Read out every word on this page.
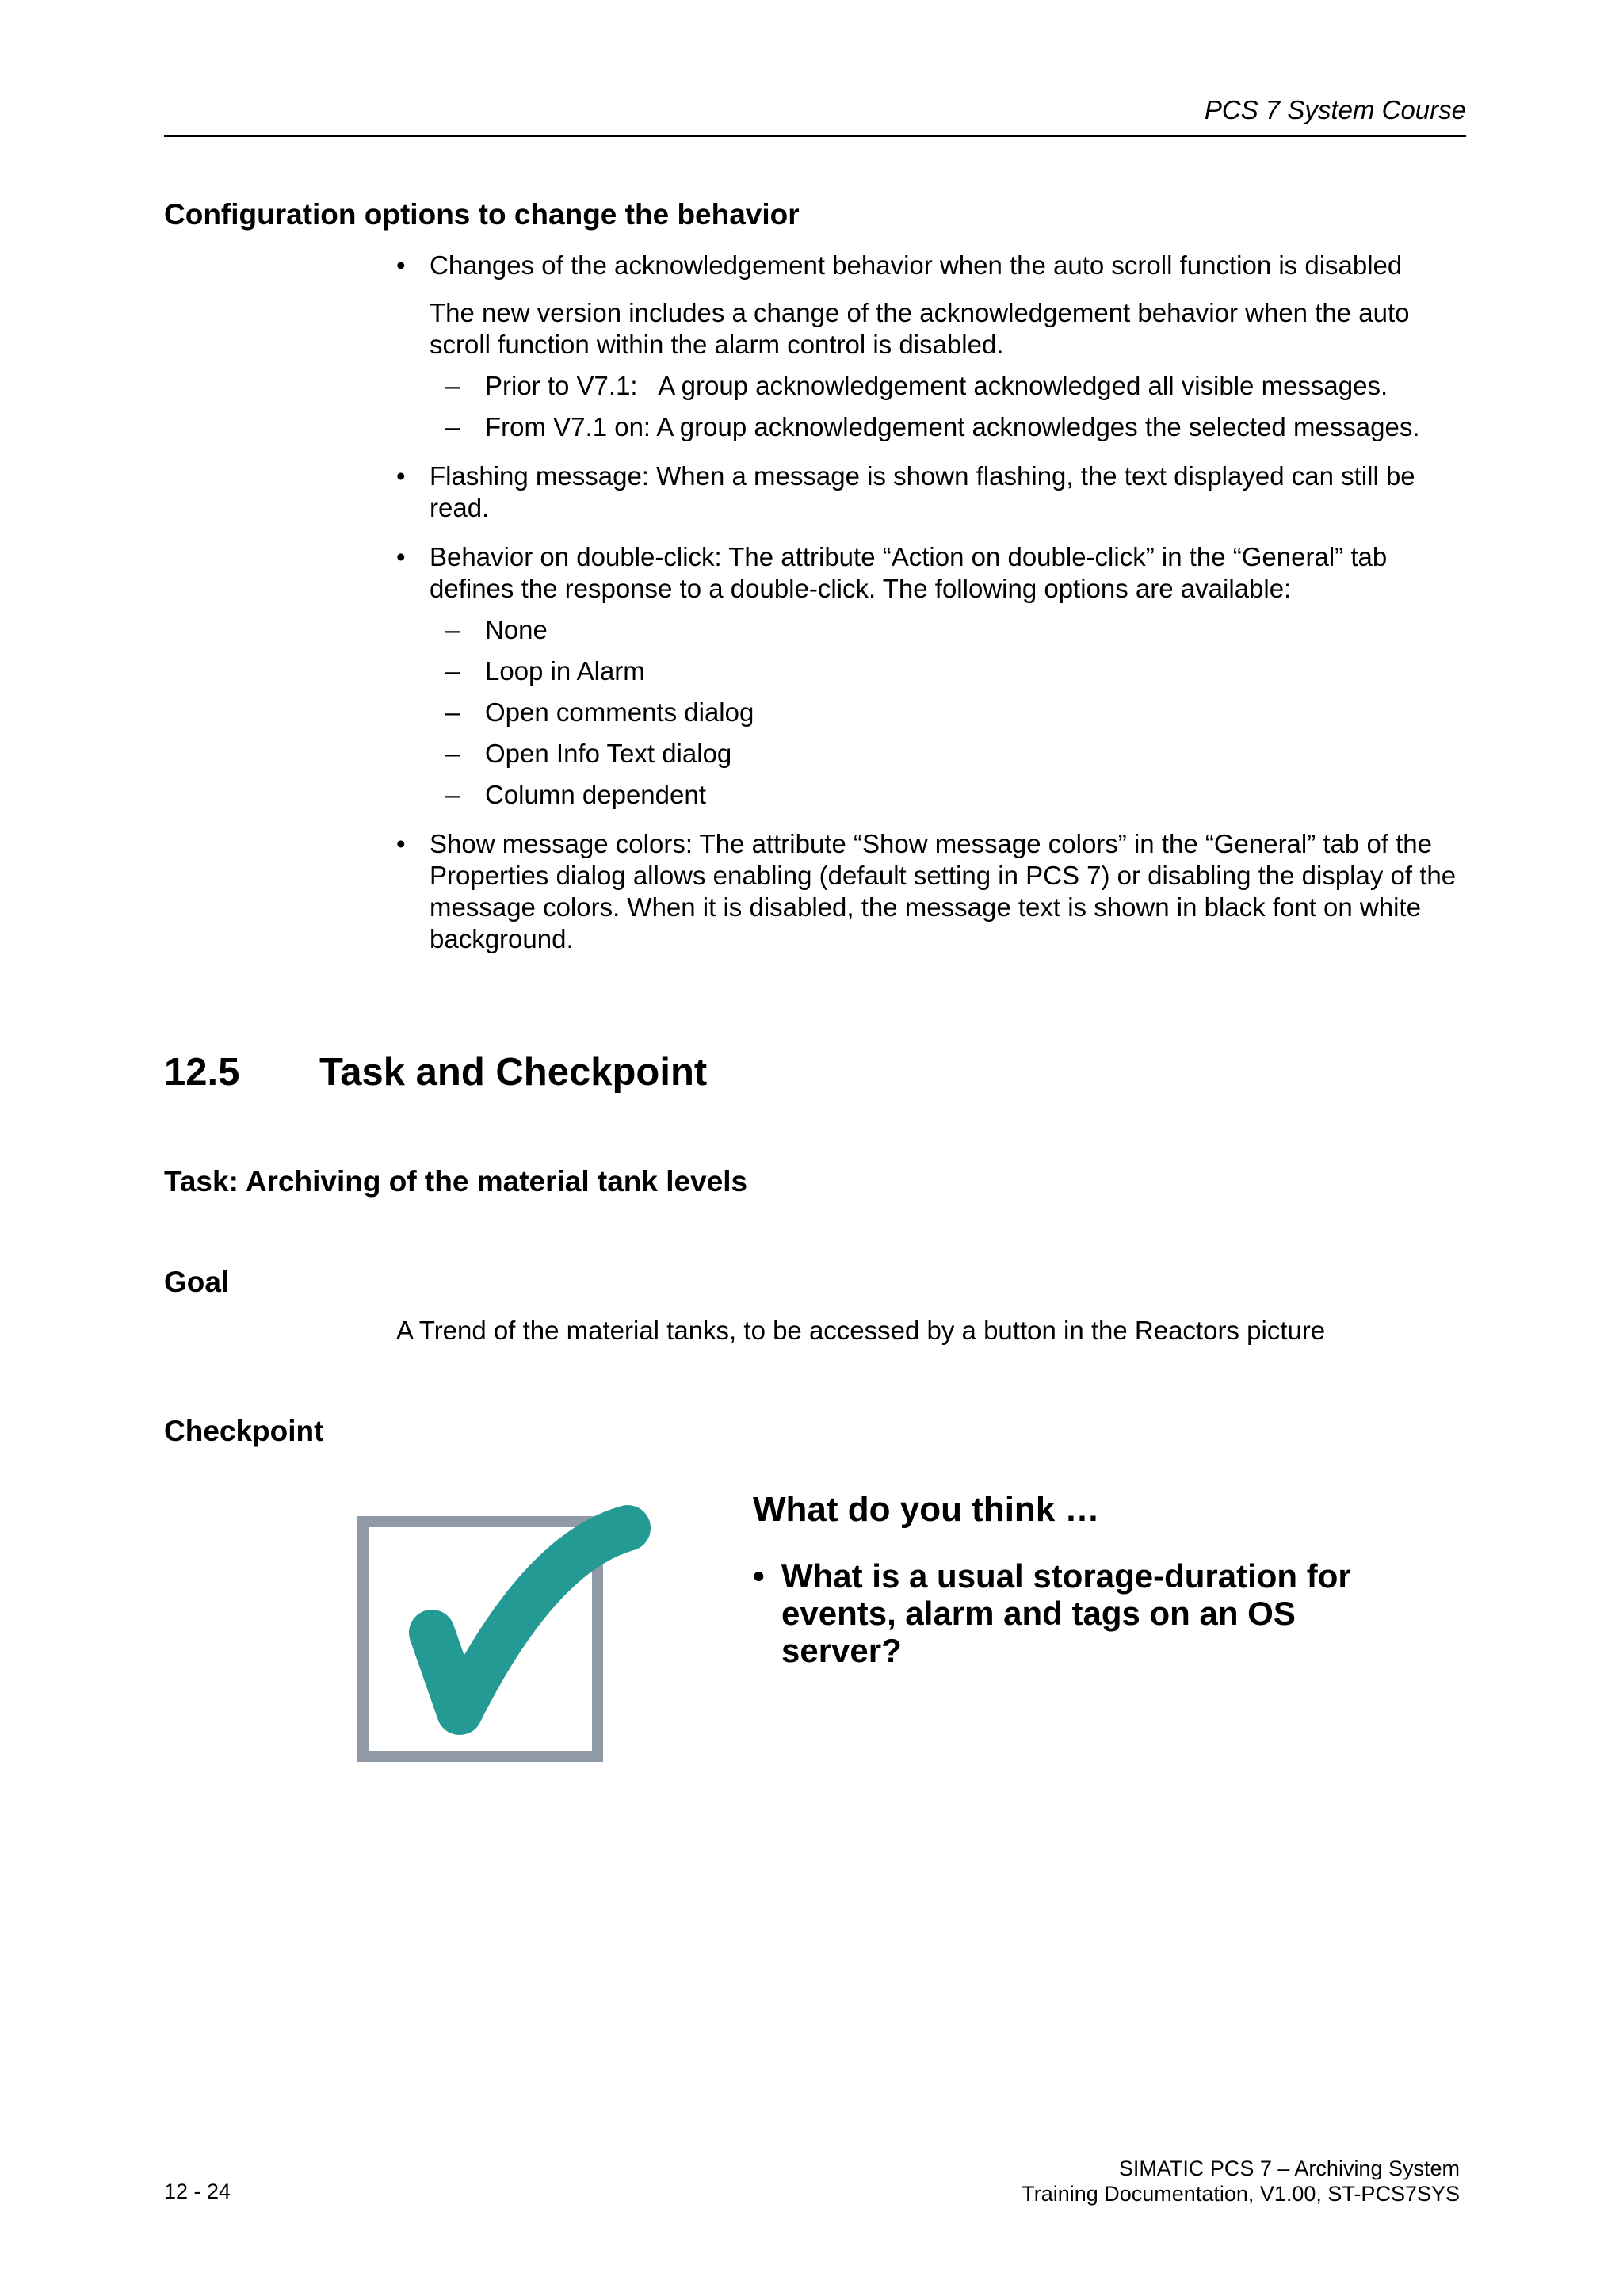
PCS 7 System Course
Configuration options to change the behavior
• Changes of the acknowledgement behavior when the auto scroll function is disabled
The new version includes a change of the acknowledgement behavior when the auto scroll function within the alarm control is disabled.
– Prior to V7.1:   A group acknowledgement acknowledged all visible messages.
– From V7.1 on: A group acknowledgement acknowledges the selected messages.
• Flashing message: When a message is shown flashing, the text displayed can still be read.
• Behavior on double-click: The attribute “Action on double-click” in the “General” tab defines the response to a double-click. The following options are available:
– None
– Loop in Alarm
– Open comments dialog
– Open Info Text dialog
– Column dependent
• Show message colors: The attribute “Show message colors” in the “General” tab of the Properties dialog allows enabling (default setting in PCS 7) or disabling the display of the message colors. When it is disabled, the message text is shown in black font on white background.
12.5 Task and Checkpoint
Task: Archiving of the material tank levels
Goal
A Trend of the material tanks, to be accessed by a button in the Reactors picture
Checkpoint
What do you think …
• What is a usual storage-duration for events, alarm and tags on an OS server?
12 - 24
SIMATIC PCS 7 – Archiving System
Training Documentation, V1.00, ST-PCS7SYS
